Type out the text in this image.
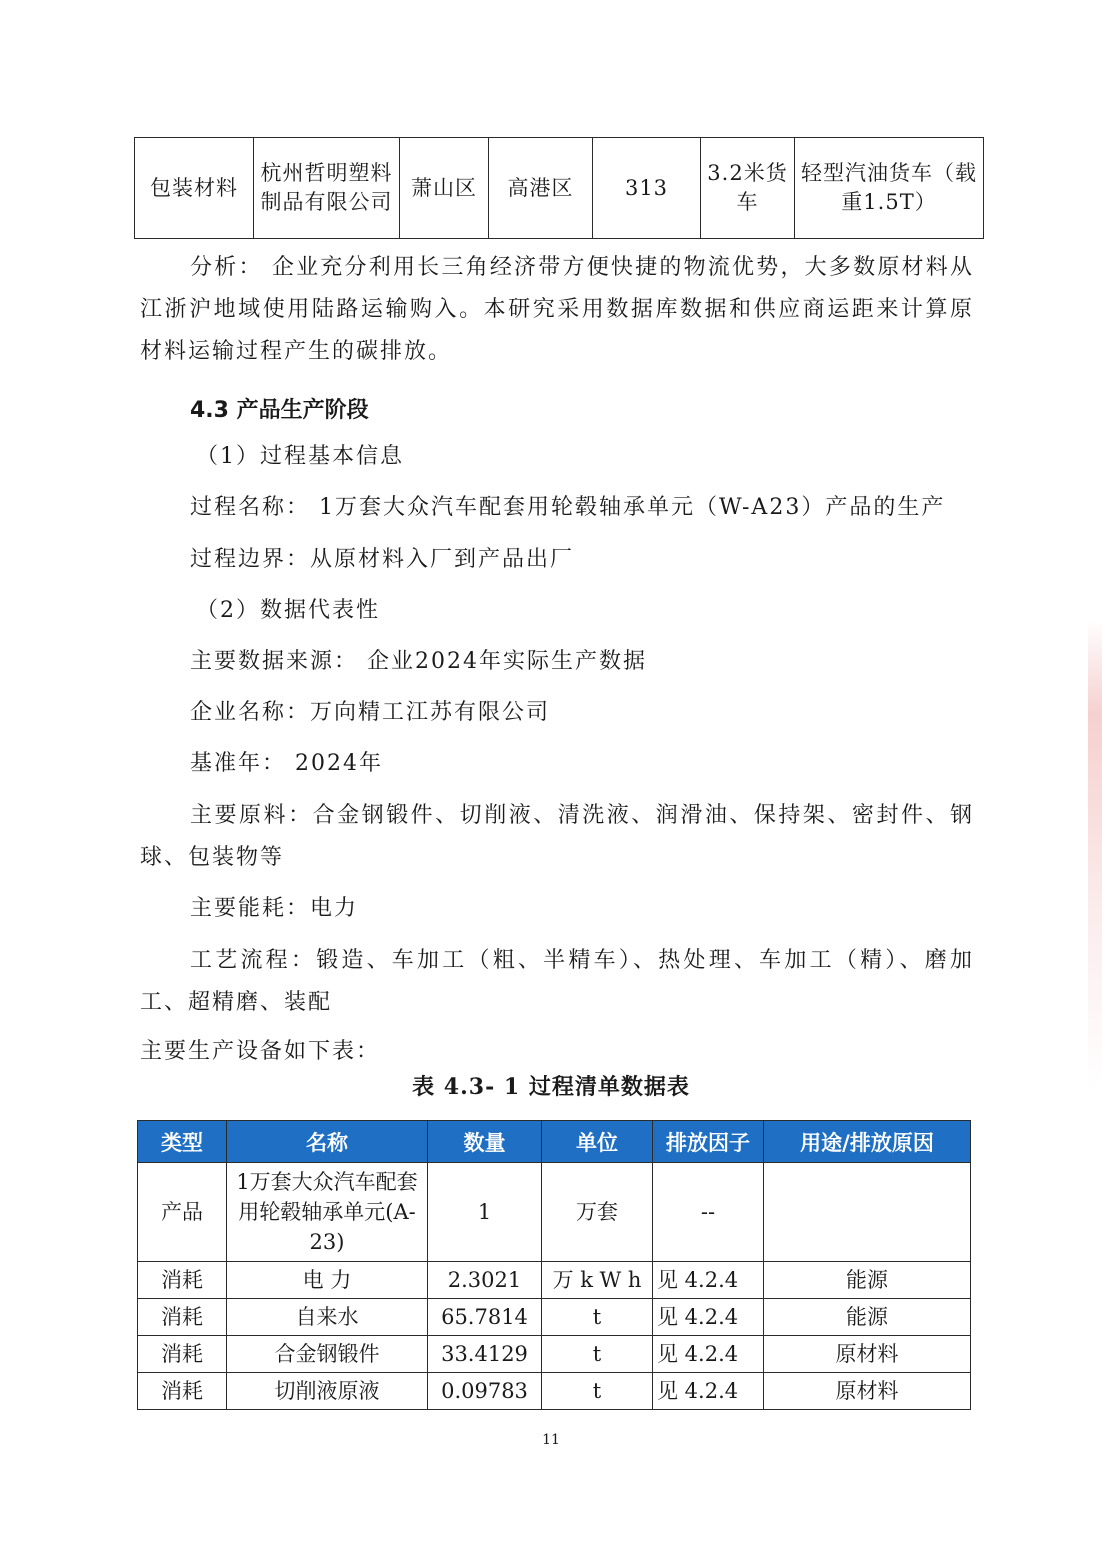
包装材料	杭州哲明塑料制品有限公司	萧山区	高港区	313	3.2米货车	轻型汽油货车（载重1.5T）
分析： 企业充分利用长三角经济带方便快捷的物流优势，大多数原材料从江浙沪地域使用陆路运输购入。本研究采用数据库数据和供应商运距来计算原材料运输过程产生的碳排放。
4.3 产品生产阶段
（1）过程基本信息
过程名称： 1万套大众汽车配套用轮毂轴承单元（W-A23）产品的生产
过程边界：从原材料入厂到产品出厂
（2）数据代表性
主要数据来源： 企业2024年实际生产数据
企业名称：万向精工江苏有限公司
基准年： 2024年
主要原料：合金钢锻件、切削液、清洗液、润滑油、保持架、密封件、钢球、包装物等
主要能耗：电力
工艺流程：锻造、车加工（粗、半精车）、热处理、车加工（精）、磨加工、超精磨、装配
主要生产设备如下表：
表 4.3- 1 过程清单数据表
类型	名称	数量	单位	排放因子	用途/排放原因
产品	1万套大众汽车配套用轮毂轴承单元(A-23)	1	万套	--	
消耗	电 力	2.3021	万 k W h	见 4.2.4	能源
消耗	自来水	65.7814	t	见 4.2.4	能源
消耗	合金钢锻件	33.4129	t	见 4.2.4	原材料
消耗	切削液原液	0.09783	t	见 4.2.4	原材料
11
